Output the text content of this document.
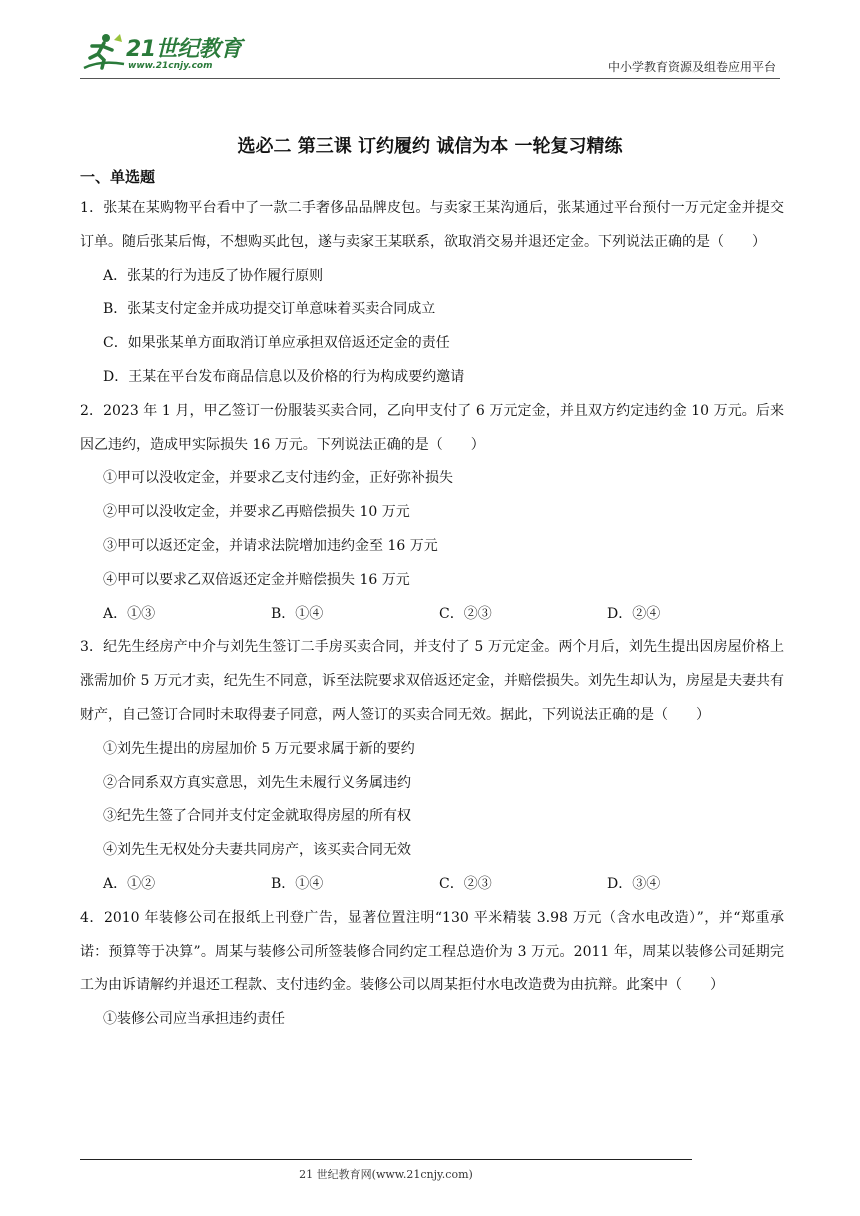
21世纪教育
www.21cnjy.com	中小学教育资源及组卷应用平台
选必二 第三课 订约履约 诚信为本 一轮复习精练
一、单选题
1．张某在某购物平台看中了一款二手奢侈品品牌皮包。与卖家王某沟通后，张某通过平台预付一万元定金并提交订单。随后张某后悔，不想购买此包，遂与卖家王某联系，欲取消交易并退还定金。下列说法正确的是（　　）
A．张某的行为违反了协作履行原则
B．张某支付定金并成功提交订单意味着买卖合同成立
C．如果张某单方面取消订单应承担双倍返还定金的责任
D．王某在平台发布商品信息以及价格的行为构成要约邀请
2．2023 年 1 月，甲乙签订一份服装买卖合同，乙向甲支付了 6 万元定金，并且双方约定违约金 10 万元。后来因乙违约，造成甲实际损失 16 万元。下列说法正确的是（　　）
①甲可以没收定金，并要求乙支付违约金，正好弥补损失
②甲可以没收定金，并要求乙再赔偿损失 10 万元
③甲可以返还定金，并请求法院增加违约金至 16 万元
④甲可以要求乙双倍返还定金并赔偿损失 16 万元
A．①③	B．①④	C．②③	D．②④
3．纪先生经房产中介与刘先生签订二手房买卖合同，并支付了 5 万元定金。两个月后，刘先生提出因房屋价格上涨需加价 5 万元才卖，纪先生不同意，诉至法院要求双倍返还定金，并赔偿损失。刘先生却认为，房屋是夫妻共有财产，自己签订合同时未取得妻子同意，两人签订的买卖合同无效。据此，下列说法正确的是（　　）
①刘先生提出的房屋加价 5 万元要求属于新的要约
②合同系双方真实意思，刘先生未履行义务属违约
③纪先生签了合同并支付定金就取得房屋的所有权
④刘先生无权处分夫妻共同房产，该买卖合同无效
A．①②	B．①④	C．②③	D．③④
4．2010 年装修公司在报纸上刊登广告，显著位置注明“130 平米精装 3.98 万元（含水电改造）”，并“郑重承诺：预算等于决算”。周某与装修公司所签装修合同约定工程总造价为 3 万元。2011 年，周某以装修公司延期完工为由诉请解约并退还工程款、支付违约金。装修公司以周某拒付水电改造费为由抗辩。此案中（　　）
①装修公司应当承担违约责任
21 世纪教育网(www.21cnjy.com)
